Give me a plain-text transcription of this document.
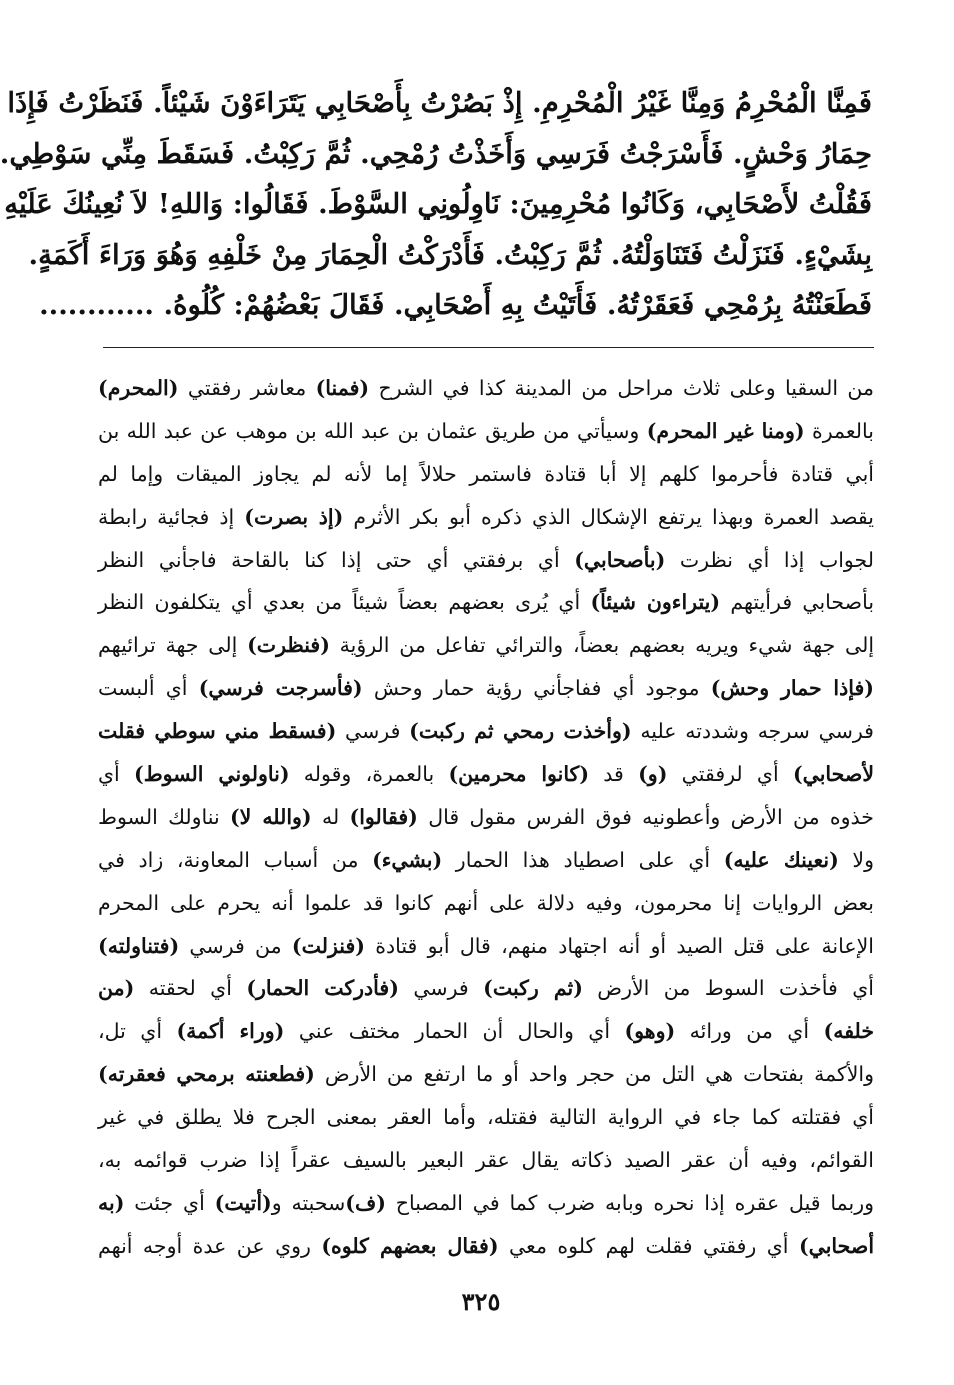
فَمِنَّا الْمُحْرِمُ وَمِنَّا غَيْرُ الْمُحْرِمِ. إِذْ بَصُرْتُ بِأَصْحَابِي يَتَرَاءَوْنَ شَيْئاً. فَنَظَرْتُ فَإِذَا
حِمَارُ وَحْشٍ. فَأَسْرَجْتُ فَرَسِي وَأَخَذْتُ رُمْحِي. ثُمَّ رَكِبْتُ. فَسَقَطَ مِنِّي سَوْطِي.
فَقُلْتُ لأَصْحَابِي، وَكَانُوا مُحْرِمِينَ: نَاوِلُونِي السَّوْطَ. فَقَالُوا: وَاللهِ! لاَ نُعِينُكَ عَلَيْهِ
بِشَيْءٍ. فَنَزَلْتُ فَتَنَاوَلْتُهُ. ثُمَّ رَكِبْتُ. فَأَدْرَكْتُ الْحِمَارَ مِنْ خَلْفِهِ وَهُوَ وَرَاءَ أَكَمَةٍ.
فَطَعَنْتُهُ بِرُمْحِي فَعَقَرْتُهُ. فَأَتَيْتُ بِهِ أَصْحَابِي. فَقَالَ بَعْضُهُمْ: كُلُوهُ. ............
من السقيا وعلى ثلاث مراحل من المدينة كذا في الشرح (فمنا) معاشر رفقتي (المحرم)
بالعمرة (ومنا غير المحرم) وسيأتي من طريق عثمان بن عبد الله بن موهب عن عبد الله بن
أبي قتادة فأحرموا كلهم إلا أبا قتادة فاستمر حلالاً إما لأنه لم يجاوز الميقات وإما لم
يقصد العمرة وبهذا يرتفع الإشكال الذي ذكره أبو بكر الأثرم (إذ بصرت) إذ فجائية رابطة
لجواب إذا أي نظرت (بأصحابي) أي برفقتي أي حتى إذا كنا بالقاحة فاجأني النظر
بأصحابي فرأيتهم (يتراءون شيئاً) أي يُرى بعضهم بعضاً شيئاً من بعدي أي يتكلفون النظر
إلى جهة شيء ويريه بعضهم بعضاً، والترائي تفاعل من الرؤية (فنظرت) إلى جهة ترائيهم
(فإذا حمار وحش) موجود أي ففاجأني رؤية حمار وحش (فأسرجت فرسي) أي ألبست
فرسي سرجه وشددته عليه (وأخذت رمحي ثم ركبت) فرسي (فسقط مني سوطي فقلت
لأصحابي) أي لرفقتي (و) قد (كانوا محرمين) بالعمرة، وقوله (ناولوني السوط) أي
خذوه من الأرض وأعطونيه فوق الفرس مقول قال (فقالوا) له (والله لا) نناولك السوط
ولا (نعينك عليه) أي على اصطياد هذا الحمار (بشيء) من أسباب المعاونة، زاد في
بعض الروايات إنا محرمون، وفيه دلالة على أنهم كانوا قد علموا أنه يحرم على المحرم
الإعانة على قتل الصيد أو أنه اجتهاد منهم، قال أبو قتادة (فنزلت) من فرسي (فتناولته)
أي فأخذت السوط من الأرض (ثم ركبت) فرسي (فأدركت الحمار) أي لحقته (من
خلفه) أي من ورائه (وهو) أي والحال أن الحمار مختف عني (وراء أكمة) أي تل،
والأكمة بفتحات هي التل من حجر واحد أو ما ارتفع من الأرض (فطعنته برمحي فعقرته)
أي فقتلته كما جاء في الرواية التالية فقتله، وأما العقر بمعنى الجرح فلا يطلق في غير
القوائم، وفيه أن عقر الصيد ذكاته يقال عقر البعير بالسيف عقراً إذا ضرب قوائمه به،
وربما قيل عقره إذا نحره وبابه ضرب كما في المصباح (ف)سحبته و(أتيت) أي جئت (به
أصحابي) أي رفقتي فقلت لهم كلوه معي (فقال بعضهم كلوه) روي عن عدة أوجه أنهم
٣٢٥
